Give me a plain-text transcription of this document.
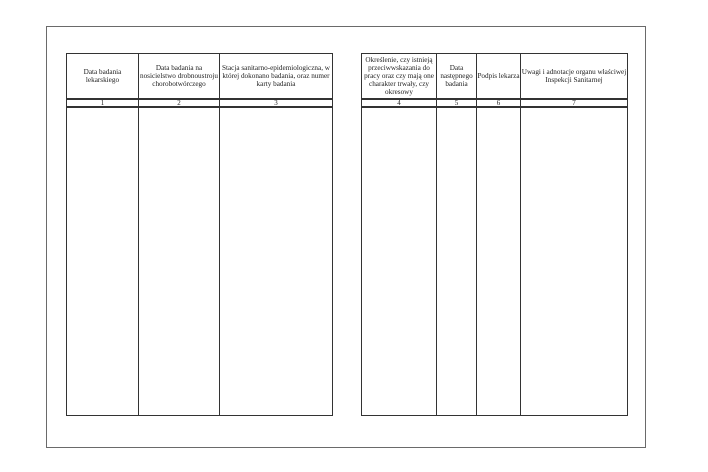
Data badania lekarskiego	Data badania na nosicielstwo drobnoustroju chorobotwórczego	Stacja sanitarno-epidemiologiczna, w której dokonano badania, oraz numer karty badania
1	2	3

Określenie, czy istnieją przeciwwskazania do pracy oraz czy mają one charakter trwały, czy okresowy	Data następnego badania	Podpis lekarza	Uwagi i adnotacje organu właściwej Inspekcji Sanitarnej
4	5	6	7
